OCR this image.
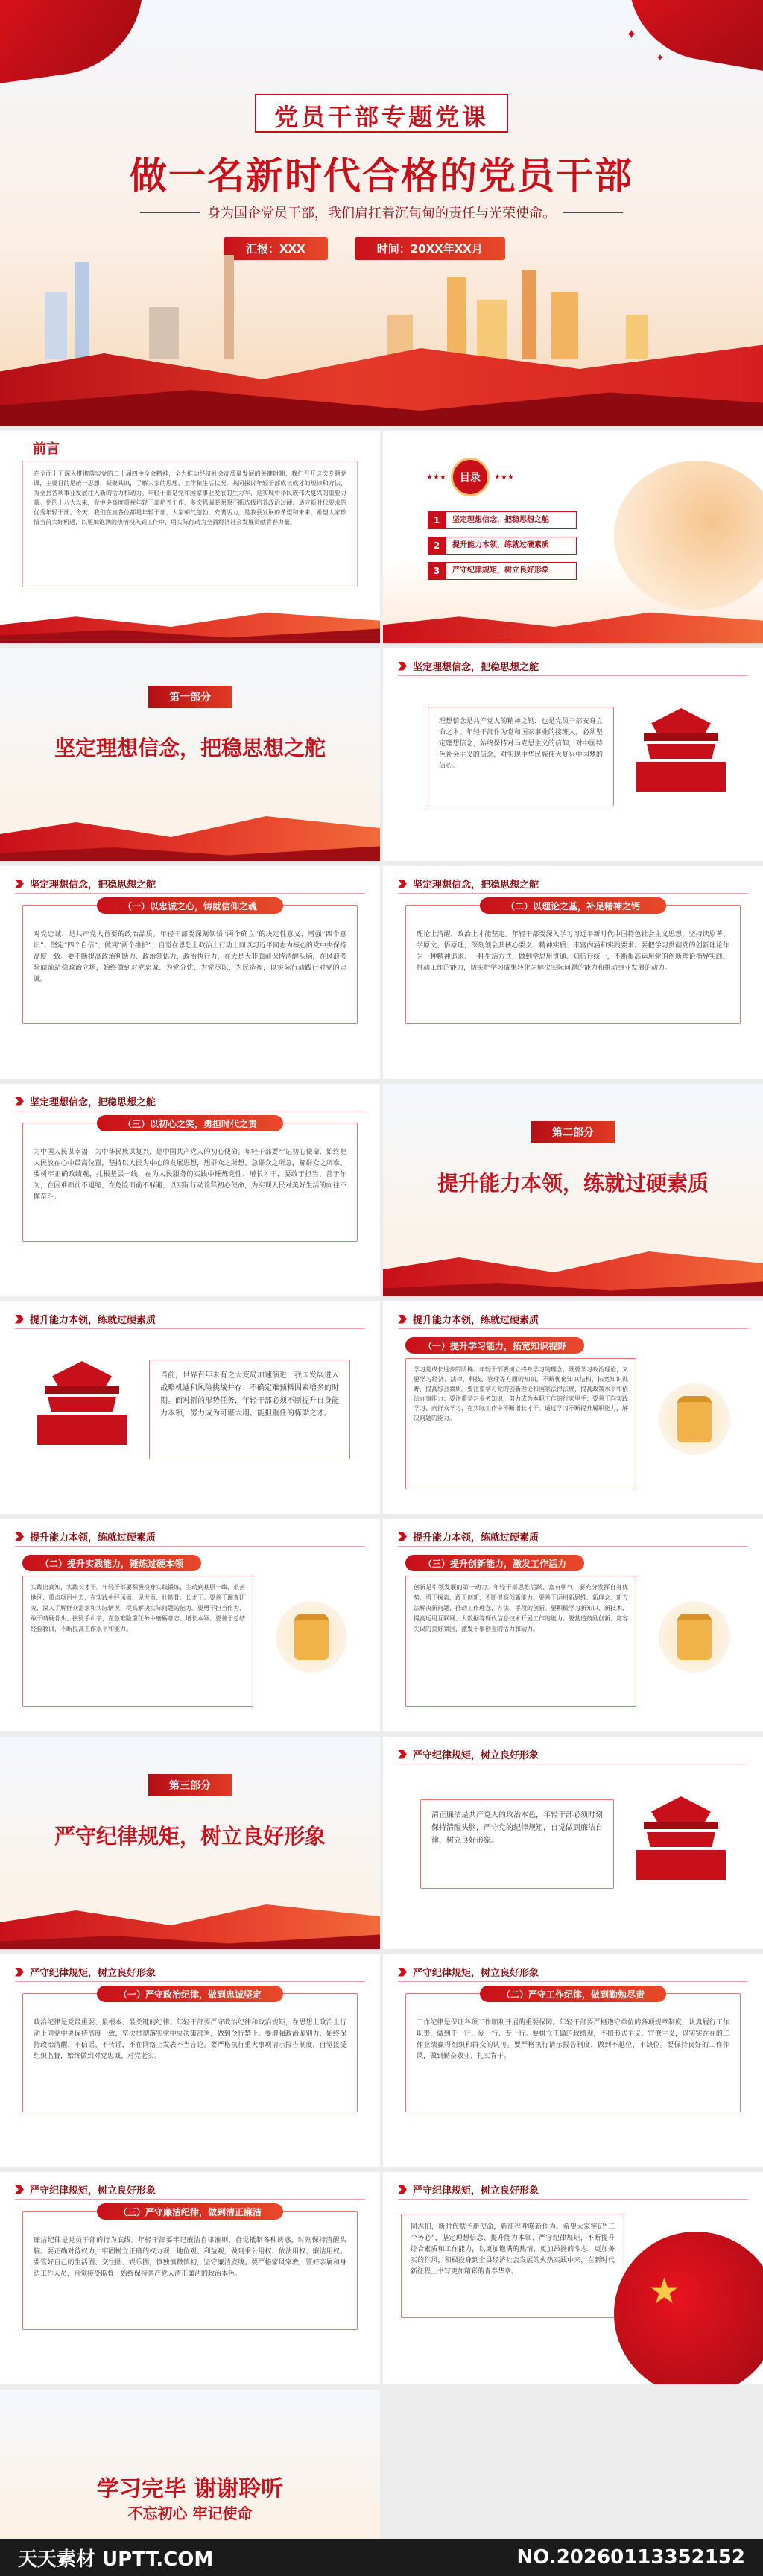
✦
✦
✦
党员干部专题党课
做一名新时代合格的党员干部
身为国企党员干部，我们肩扛着沉甸甸的责任与光荣使命。
汇报：XXX	时间：20XX年XX月
前言
在全面上下深入贯彻落实党的二十届四中全会精神，全力推动经济社会高质量发展的关键时期，我们召开这次专题党课，主要目的是统一思想、凝聚共识，了解大家的思想、工作和生活状况，共同探讨年轻干部成长成才的规律和方法，为全县各项事业发展注入新的活力和动力。年轻干部是党和国家事业发展的生力军，是实现中华民族伟大复兴的重要力量。党的十八大以来，党中央高度重视年轻干部培养工作，多次强调要源源不断选拔培养政治过硬、适应新时代要求的优秀年轻干部。今天，我们在座各位都是年轻干部，大家朝气蓬勃、充满活力，是我县发展的希望和未来。希望大家珍惜当前大好机遇，以更加饱满的热情投入到工作中，用实际行动为全县经济社会发展贡献青春力量。
★★★	目录	★★★
1	坚定理想信念，把稳思想之舵
2	提升能力本领，练就过硬素质
3	严守纪律规矩，树立良好形象
第一部分
坚定理想信念，把稳思想之舵
坚定理想信念，把稳思想之舵
理想信念是共产党人的精神之钙，也是党员干部安身立命之本。年轻干部作为党和国家事业的接班人，必须坚定理想信念，始终保持对马克思主义的信仰，对中国特色社会主义的信念，对实现中华民族伟大复兴中国梦的信心。
坚定理想信念，把稳思想之舵
对党忠诚，是共产党人首要的政治品质。年轻干部要深刻领悟“两个确立”的决定性意义，增强“四个意识”、坚定“四个自信”、做到“两个维护”，自觉在思想上政治上行动上同以习近平同志为核心的党中央保持高度一致。要不断提高政治判断力、政治领悟力、政治执行力，在大是大非面前保持清醒头脑，在风浪考验面前站稳政治立场，始终做到对党忠诚、为党分忧、为党尽职、为民造福，以实际行动践行对党的忠诚。
（一）以忠诚之心，铸就信仰之魂
坚定理想信念，把稳思想之舵
理论上清醒，政治上才能坚定。年轻干部要深入学习习近平新时代中国特色社会主义思想，坚持读原著、学原文、悟原理，深刻领会其核心要义、精神实质、丰富内涵和实践要求。要把学习贯彻党的创新理论作为一种精神追求、一种生活方式，做到学思用贯通、知信行统一，不断提高运用党的创新理论指导实践、推动工作的能力，切实把学习成果转化为解决实际问题的能力和推动事业发展的动力。
（二）以理论之基，补足精神之钙
坚定理想信念，把稳思想之舵
为中国人民谋幸福，为中华民族谋复兴，是中国共产党人的初心使命。年轻干部要牢记初心使命，始终把人民放在心中最高位置，坚持以人民为中心的发展思想，想群众之所想、急群众之所急，解群众之所难。要树牢正确政绩观，扎根基层一线，在为人民服务的实践中锤炼党性、增长才干，要敢于担当、善于作为，在困难面前不退缩，在危险面前不躲避，以实际行动诠释初心使命，为实现人民对美好生活的向往不懈奋斗。
（三）以初心之笑，勇担时代之责
第二部分
提升能力本领，练就过硬素质
提升能力本领，练就过硬素质
当前，世界百年未有之大变局加速演进，我国发展进入战略机遇和风险挑战并存、不确定难预料因素增多的时期。面对新的形势任务，年轻干部必须不断提升自身能力本领，努力成为可堪大用、能担重任的栋梁之才。
提升能力本领，练就过硬素质
（一）提升学习能力，拓宽知识视野
学习是成长进步的阶梯。年轻干部要树立终身学习的理念，既要学习政治理论，又要学习经济、法律、科技、管理等方面的知识，不断优化知识结构，拓宽知识视野，提高综合素质。要注重学习党的创新理论和国家法律法规，提高政策水平和依法办事能力；要注重学习业务知识，努力成为本职工作的行家里手；要善于向实践学习、向群众学习，在实际工作中不断增长才干。通过学习不断提升履职能力，解决问题的能力。
提升能力本领，练就过硬素质
（二）提升实践能力，锤炼过硬本领
实践出真知，实践长才干。年轻干部要积极投身实践锻炼，主动到基层一线、艰苦地区、重点项目中去，在实践中经风雨、见世面、壮筋骨、长才干。要善于调查研究，深入了解群众需求和实际情况，提高解决实际问题的能力。要勇于担当作为，敢于啃硬骨头、接烫手山芋，在急难险重任务中磨砺意志、增长本领。要善于总结经验教训，不断提高工作水平和能力。
提升能力本领，练就过硬素质
（三）提升创新能力，激发工作活力
创新是引领发展的第一动力。年轻干部思维活跃、富有朝气，要充分发挥自身优势，勇于探索、敢于创新，不断提高创新能力。要善于运用新思维、新理念、新方法解决新问题，推动工作理念、方法、手段的创新。要积极学习新知识、新技术，提高运用互联网、大数据等现代信息技术开展工作的能力。要营造鼓励创新、宽容失误的良好氛围，激发干事创业的活力和动力。
第三部分
严守纪律规矩，树立良好形象
严守纪律规矩，树立良好形象
清正廉洁是共产党人的政治本色，年轻干部必须时刻保持清醒头脑，严守党的纪律规矩，自觉做到廉洁自律，树立良好形象。
严守纪律规矩，树立良好形象
政治纪律是党最重要、最根本、最关键的纪律。年轻干部要严守政治纪律和政治规矩，在思想上政治上行动上同党中央保持高度一致，坚决贯彻落实党中央决策部署，做到令行禁止。要增强政治鉴别力，始终保持政治清醒，不信谣、不传谣，不在网络上发表不当言论。要严格执行重大事项请示报告制度，自觉接受组织监督，始终做到对党忠诚、对党老实。
（一）严守政治纪律，做到忠诚坚定
严守纪律规矩，树立良好形象
工作纪律是保证各项工作顺利开展的重要保障。年轻干部要严格遵守单位的各项规章制度，认真履行工作职责，做到干一行、爱一行、专一行。要树立正确的政绩观，不搞形式主义、官僚主义，以实实在在的工作业绩赢得组织和群众的认可。要严格执行请示报告制度，做到不越位、不缺位。要保持良好的工作作风，做到勤奋敬业、扎实肯干。
（二）严守工作纪律，做到勤勉尽责
严守纪律规矩，树立良好形象
廉洁纪律是党员干部的行为底线。年轻干部要牢记廉洁自律准则，自觉抵制各种诱惑，时刻保持清醒头脑。要正确对待权力，牢固树立正确的权力观、地位观、利益观，做到秉公用权、依法用权、廉洁用权。要管好自己的生活圈、交往圈、娱乐圈，慎独慎微慎初，坚守廉洁底线。要严格家风家教，管好亲属和身边工作人员，自觉接受监督，始终保持共产党人清正廉洁的政治本色。
（三）严守廉洁纪律，做到清正廉洁
严守纪律规矩，树立良好形象
同志们，新时代赋予新使命，新征程呼唤新作为。希望大家牢记“三个务必”，坚定理想信念、提升能力本领、严守纪律规矩，不断提升综合素质和工作能力，以更加饱满的热情、更加昂扬的斗志、更加务实的作风，积极投身到全县经济社会发展的火热实践中来，在新时代新征程上书写更加精彩的青春华章。	★
学习完毕 谢谢聆听
不忘初心 牢记使命
天天素材 UPTT.COM	NO.20260113352152
